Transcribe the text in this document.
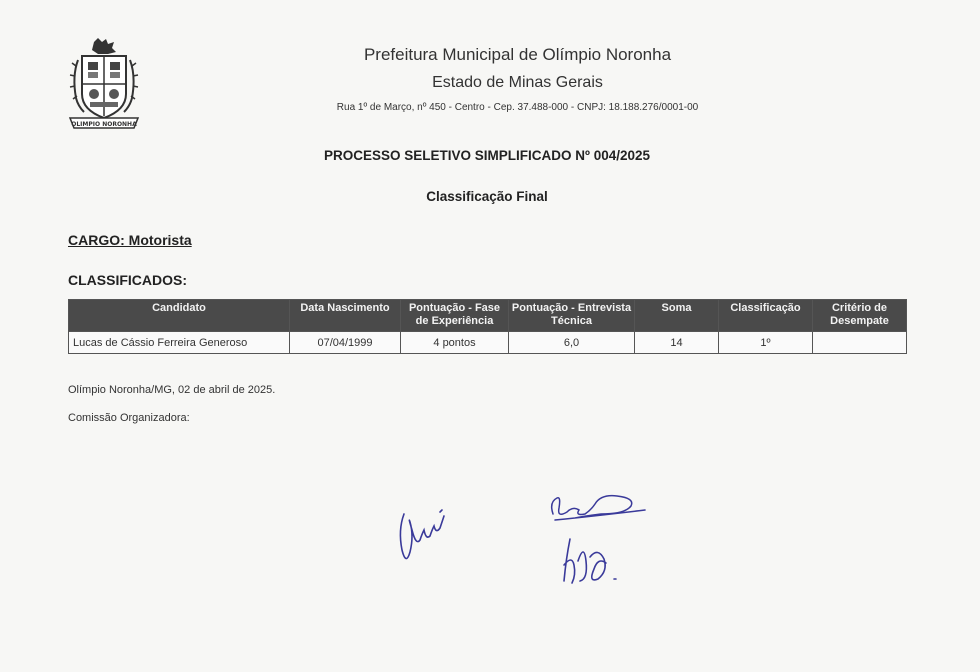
OLIMPIO NORONHA

Prefeitura Municipal de Olímpio Noronha

Estado de Minas Gerais

Rua 1º de Março, nº 450 - Centro - Cep. 37.488-000 - CNPJ: 18.188.276/0001-00

PROCESSO SELETIVO SIMPLIFICADO Nº 004/2025
Classificação Final
CARGO: Motorista
CLASSIFICADOS:
Candidato	Data Nascimento	Pontuação - Fase de Experiência	Pontuação - Entrevista Técnica	Soma	Classificação	Critério de Desempate
Lucas de Cássio Ferreira Generoso	07/04/1999	4 pontos	6,0	14	1º	
Olímpio Noronha/MG, 02 de abril de 2025.
Comissão Organizadora:
